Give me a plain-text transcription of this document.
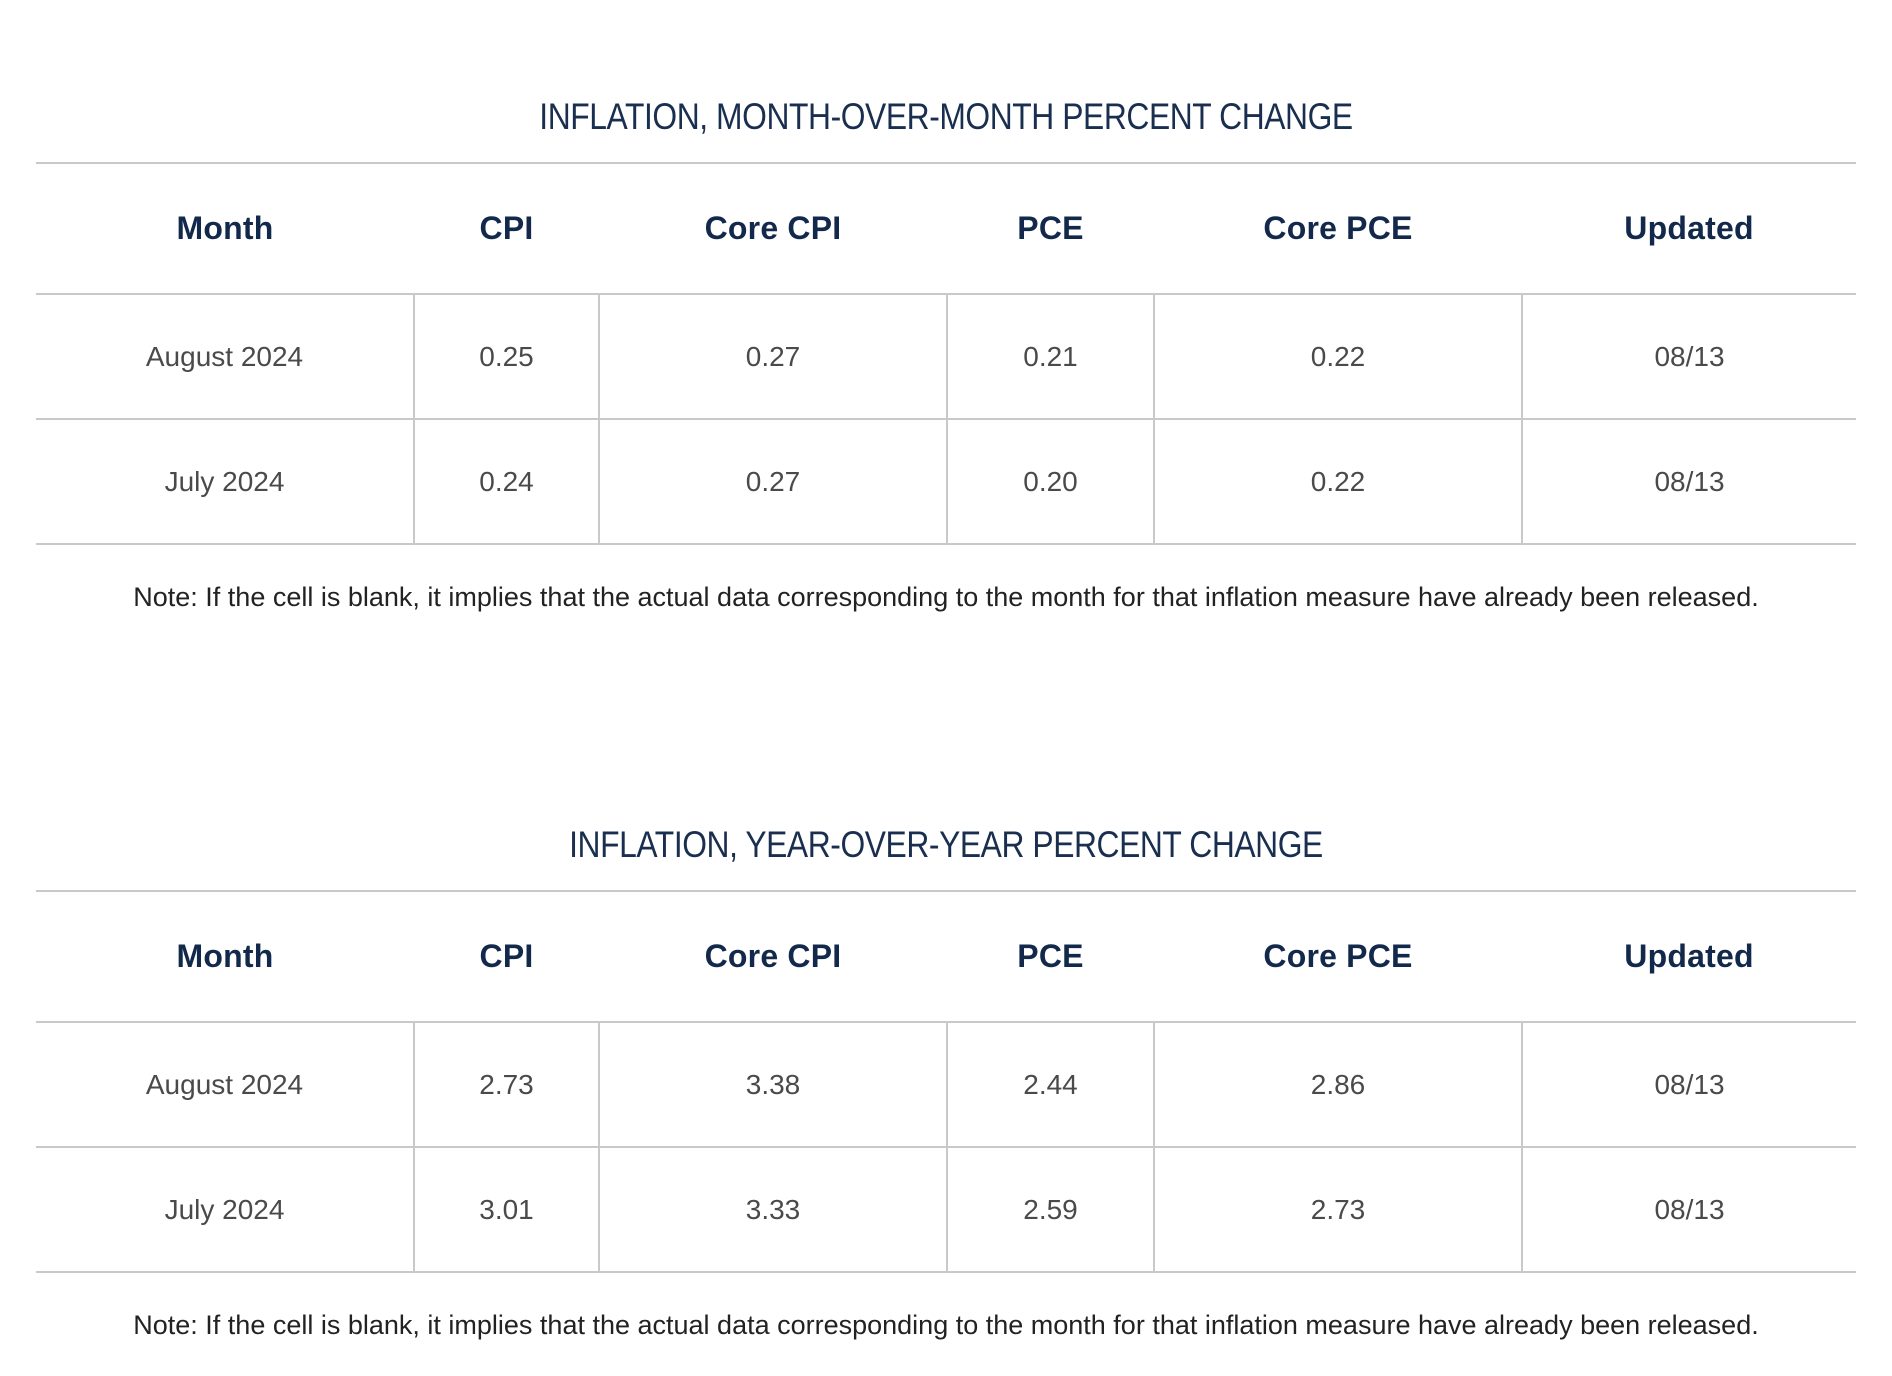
INFLATION, MONTH-OVER-MONTH PERCENT CHANGE
Month	CPI	Core CPI	PCE	Core PCE	Updated
August 2024	0.25	0.27	0.21	0.22	08/13
July 2024	0.24	0.27	0.20	0.22	08/13
Note: If the cell is blank, it implies that the actual data corresponding to the month for that inflation measure have already been released.
INFLATION, YEAR-OVER-YEAR PERCENT CHANGE
Month	CPI	Core CPI	PCE	Core PCE	Updated
August 2024	2.73	3.38	2.44	2.86	08/13
July 2024	3.01	3.33	2.59	2.73	08/13
Note: If the cell is blank, it implies that the actual data corresponding to the month for that inflation measure have already been released.
